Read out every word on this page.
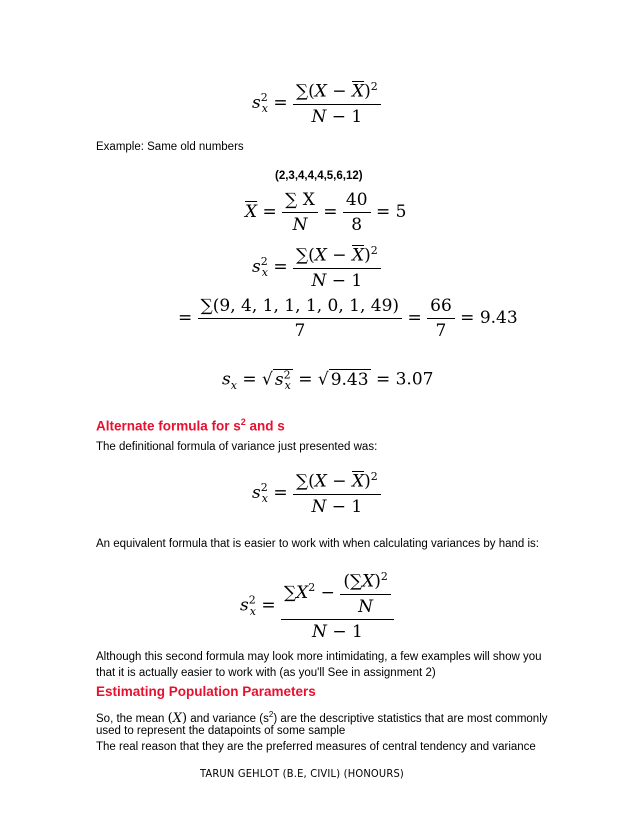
$s^2_x = \frac{\sum(X - \overline{X})^2}{N - 1}$
Example: Same old numbers
(2,3,4,4,4,5,6,12)
$\overline{X} = \frac{\sum X}{N} = \frac{40}{8} = 5$
$s^2_x = \frac{\sum(X - \overline{X})^2}{N - 1}$
= $\frac{\sum(9, 4, 1, 1, 1, 0, 1, 49)}{7} = \frac{66}{7} = 9.43$
$s_x$ = √ $s^2_x$ = √ 9.43 = 3.07
Alternate formula for $s^2$ and s
The definitional formula of variance just presented was:
$s^2_x = \frac{\sum(X - \overline{X})^2}{N - 1}$
An equivalent formula that is easier to work with when calculating variances by hand is:
$s^2_x = \frac{\sum X^2 - \frac{(\sum X)^2}{N}}{N - 1}$
Although this second formula may look more intimidating, a few examples will show you
that it is actually easier to work with (as you'll See in assignment 2)
Estimating Population Parameters
So, the mean (X) and variance $(s^2)$ are the descriptive statistics that are most commonly
used to represent the datapoints of some sample
The real reason that they are the preferred measures of central tendency and variance
TARUN GEHLOT (B.E, CIVIL) (HONOURS)
